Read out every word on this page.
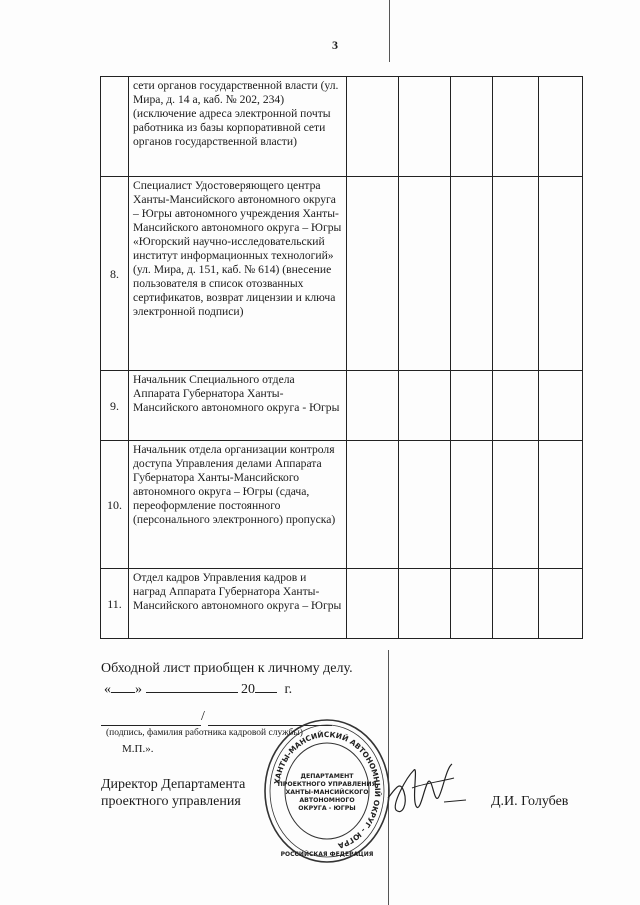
3
	сети органов государственной власти (ул. Мира, д. 14 а, каб. № 202, 234) (исключение адреса электронной почты работника из базы корпоративной сети органов государственной власти)					
8.	Специалист Удостоверяющего центра Ханты-Мансийского автономного округа – Югры автономного учреждения Ханты-Мансийского автономного округа – Югры «Югорский научно-исследовательский институт информационных технологий» (ул. Мира, д. 151, каб. № 614) (внесение пользователя в список отозванных сертификатов, возврат лицензии и ключа электронной подписи)					
9.	Начальник Специального отдела Аппарата Губернатора Ханты-Мансийского автономного округа - Югры					
10.	Начальник отдела организации контроля доступа Управления делами Аппарата Губернатора Ханты-Мансийского автономного округа – Югры (сдача, переоформление постоянного (персонального электронного) пропуска)					
11.	Отдел кадров Управления кадров и наград Аппарата Губернатора Ханты-Мансийского автономного округа – Югры					
Обходной лист приобщен к личному делу.
« »	20 г.
/
(подпись, фамилия работника кадровой службы)
М.П.».
Директор Департамента
проектного управления	Д.И. Голубев
ХАНТЫ-МАНСИЙСКИЙ АВТОНОМНЫЙ ОКРУГ - ЮГРА
РОССИЙСКАЯ ФЕДЕРАЦИЯ
ДЕПАРТАМЕНТ
ПРОЕКТНОГО УПРАВЛЕНИЯ
ХАНТЫ-МАНСИЙСКОГО
АВТОНОМНОГО
ОКРУГА - ЮГРЫ
